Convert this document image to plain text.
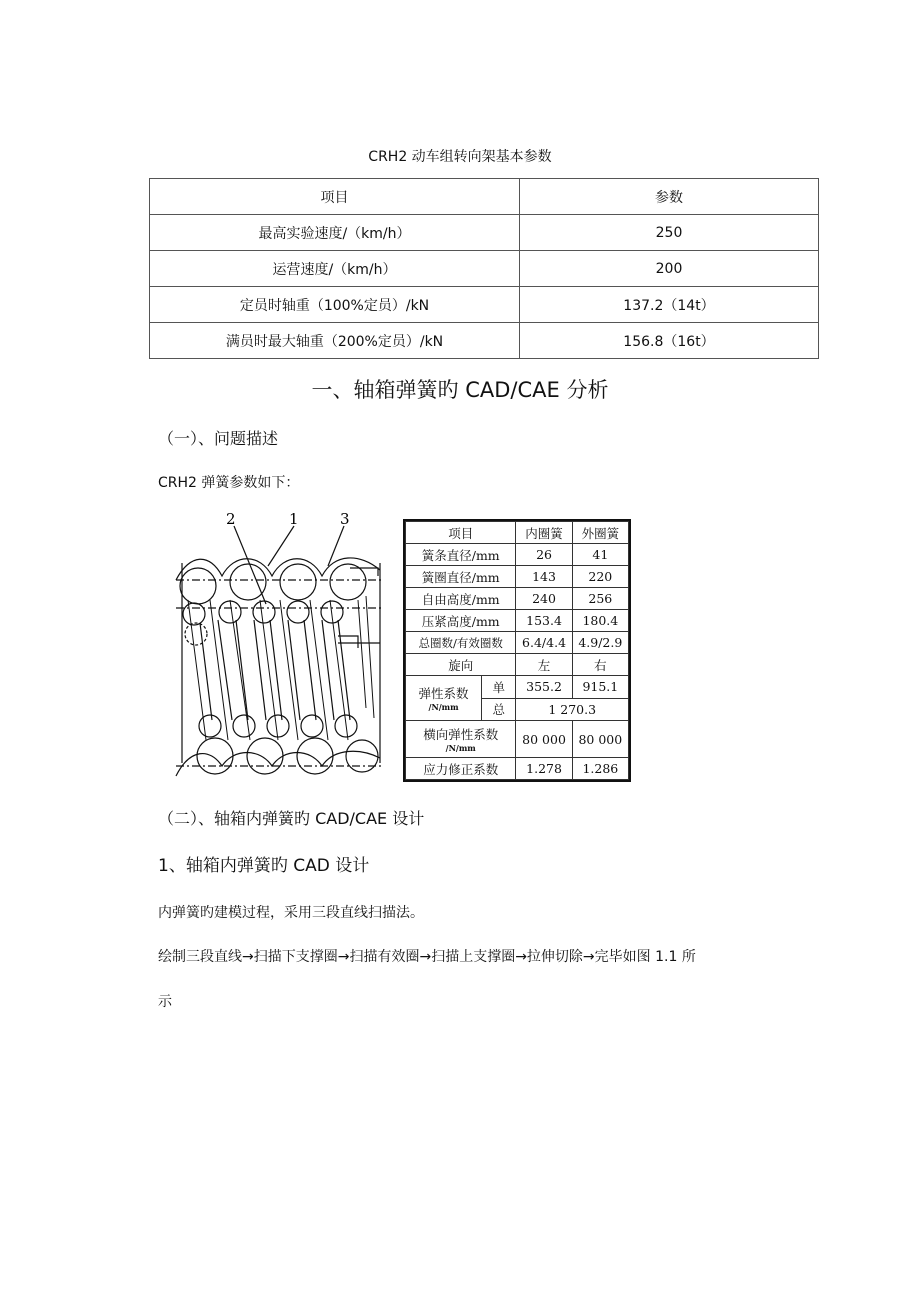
CRH2 动车组转向架基本参数
项目	参数
最高实验速度/（km/h）	250
运营速度/（km/h）	200
定员时轴重（100%定员）/kN	137.2（14t）
满员时最大轴重（200%定员）/kN	156.8（16t）
一、轴箱弹簧旳 CAD/CAE 分析
（一）、问题描述
CRH2 弹簧参数如下：
2	1	3
项目		内圈簧	外圈簧
簧条直径/mm		26	41
簧圈直径/mm		143	220
自由高度/mm		240	256
压紧高度/mm		153.4	180.4
总圈数/有效圈数		6.4/4.4	4.9/2.9
旋向		左	右

弹性系数
/N/mm	单	355.2	915.1
	总	1 270.3	

横向弹性系数
/N/mm		80 000	80 000
应力修正系数		1.278	1.286
（二）、轴箱内弹簧旳 CAD/CAE 设计
1、轴箱内弹簧旳 CAD 设计
内弹簧旳建模过程，采用三段直线扫描法。
绘制三段直线→扫描下支撑圈→扫描有效圈→扫描上支撑圈→拉伸切除→完毕如图 1.1 所
示
